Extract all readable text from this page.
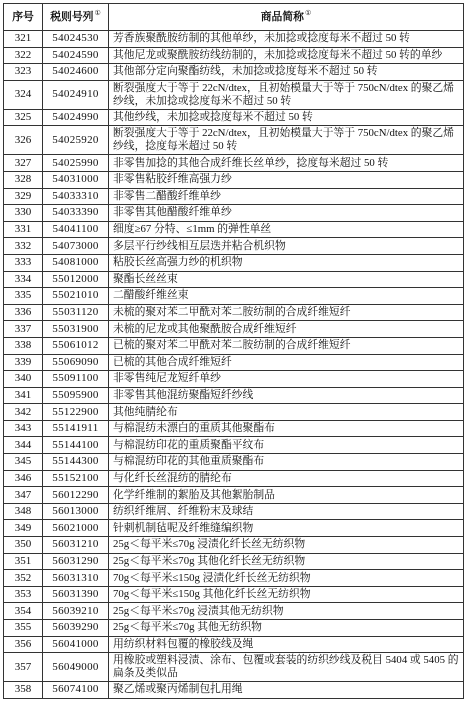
序号	税则号列①	商品简称①
321	54024530	芳香族聚酰胺纺制的其他单纱，未加捻或捻度每米不超过 50 转
322	54024590	其他尼龙或聚酰胺纺线纺制的，未加捻或捻度每米不超过 50 转的单纱
323	54024600	其他部分定向聚酯纺线，未加捻或捻度每米不超过 50 转
324	54024910	断裂强度大于等于 22cN/dtex，且初始模量大于等于 750cN/dtex 的聚乙烯纱线，未加捻或捻度每米不超过 50 转
325	54024990	其他纱线，未加捻或捻度每米不超过 50 转
326	54025920	断裂强度大于等于 22cN/dtex，且初始模量大于等于 750cN/dtex 的聚乙烯纱线，捻度每米超过 50 转
327	54025990	非零售加捻的其他合成纤维长丝单纱，捻度每米超过 50 转
328	54031000	非零售粘胶纤维高强力纱
329	54033310	非零售二醋酸纤维单纱
330	54033390	非零售其他醋酸纤维单纱
331	54041100	细度≥67 分特、≤1mm 的弹性单丝
332	54073000	多层平行纱线相互层迭并粘合机织物
333	54081000	粘胶长丝高强力纱的机织物
334	55012000	聚酯长丝丝束
335	55021010	二醋酸纤维丝束
336	55031120	未梳的聚对苯二甲酰对苯二胺纺制的合成纤维短纤
337	55031900	未梳的尼龙或其他聚酰胺合成纤维短纤
338	55061012	已梳的聚对苯二甲酰对苯二胺纺制的合成纤维短纤
339	55069090	已梳的其他合成纤维短纤
340	55091100	非零售纯尼龙短纤单纱
341	55095900	非零售其他混纺聚酯短纤纱线
342	55122900	其他纯腈纶布
343	55141911	与棉混纺未漂白的重质其他聚酯布
344	55144100	与棉混纺印花的重质聚酯平纹布
345	55144300	与棉混纺印花的其他重质聚酯布
346	55152100	与化纤长丝混纺的腈纶布
347	56012290	化学纤维制的絮胎及其他絮胎制品
348	56013000	纺织纤维屑、纤维粉末及球结
349	56021000	针刺机制毡呢及纤维缝编织物
350	56031210	25g＜每平米≤70g 浸渍化纤长丝无纺织物
351	56031290	25g＜每平米≤70g 其他化纤长丝无纺织物
352	56031310	70g＜每平米≤150g 浸渍化纤长丝无纺织物
353	56031390	70g＜每平米≤150g 其他化纤长丝无纺织物
354	56039210	25g＜每平米≤70g 浸渍其他无纺织物
355	56039290	25g＜每平米≤70g 其他无纺织物
356	56041000	用纺织材料包覆的橡胶线及绳
357	56049000	用橡胶或塑料浸渍、涂布、包覆或套装的纺织纱线及税目 5404 或 5405 的扁条及类似品
358	56074100	聚乙烯或聚丙烯制包扎用绳
